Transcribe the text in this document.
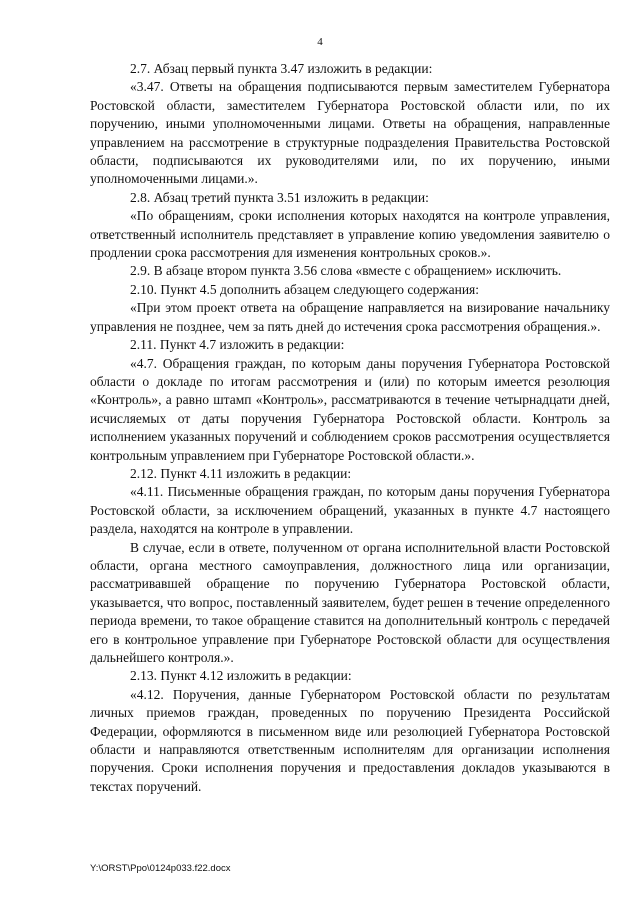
4

2.7. Абзац первый пункта 3.47 изложить в редакции:

«3.47. Ответы на обращения подписываются первым заместителем Губернатора Ростовской области, заместителем Губернатора Ростовской области или, по их поручению, иными уполномоченными лицами. Ответы на обращения, направленные управлением на рассмотрение в структурные подразделения Правительства Ростовской области, подписываются их руководителями или, по их поручению, иными уполномоченными лицами.».

2.8. Абзац третий пункта 3.51 изложить в редакции:

«По обращениям, сроки исполнения которых находятся на контроле управления, ответственный исполнитель представляет в управление копию уведомления заявителю о продлении срока рассмотрения для изменения контрольных сроков.».

2.9. В абзаце втором пункта 3.56 слова «вместе с обращением» исключить.

2.10. Пункт 4.5 дополнить абзацем следующего содержания:

«При этом проект ответа на обращение направляется на визирование начальнику управления не позднее, чем за пять дней до истечения срока рассмотрения обращения.».

2.11. Пункт 4.7 изложить в редакции:

«4.7. Обращения граждан, по которым даны поручения Губернатора Ростовской области о докладе по итогам рассмотрения и (или) по которым имеется резолюция «Контроль», а равно штамп «Контроль», рассматриваются в течение четырнадцати дней, исчисляемых от даты поручения Губернатора Ростовской области. Контроль за исполнением указанных поручений и соблюдением сроков рассмотрения осуществляется контрольным управлением при Губернаторе Ростовской области.».

2.12. Пункт 4.11 изложить в редакции:

«4.11. Письменные обращения граждан, по которым даны поручения Губернатора Ростовской области, за исключением обращений, указанных в пункте 4.7 настоящего раздела, находятся на контроле в управлении.

В случае, если в ответе, полученном от органа исполнительной власти Ростовской области, органа местного самоуправления, должностного лица или организации, рассматривавшей обращение по поручению Губернатора Ростовской области, указывается, что вопрос, поставленный заявителем, будет решен в течение определенного периода времени, то такое обращение ставится на дополнительный контроль с передачей его в контрольное управление при Губернаторе Ростовской области для осуществления дальнейшего контроля.».

2.13. Пункт 4.12 изложить в редакции:

«4.12. Поручения, данные Губернатором Ростовской области по результатам личных приемов граждан, проведенных по поручению Президента Российской Федерации, оформляются в письменном виде или резолюцией Губернатора Ростовской области и направляются ответственным исполнителям для организации исполнения поручения. Сроки исполнения поручения и предоставления докладов указываются в текстах поручений.

Y:\ORST\Ppo\0124p033.f22.docx
